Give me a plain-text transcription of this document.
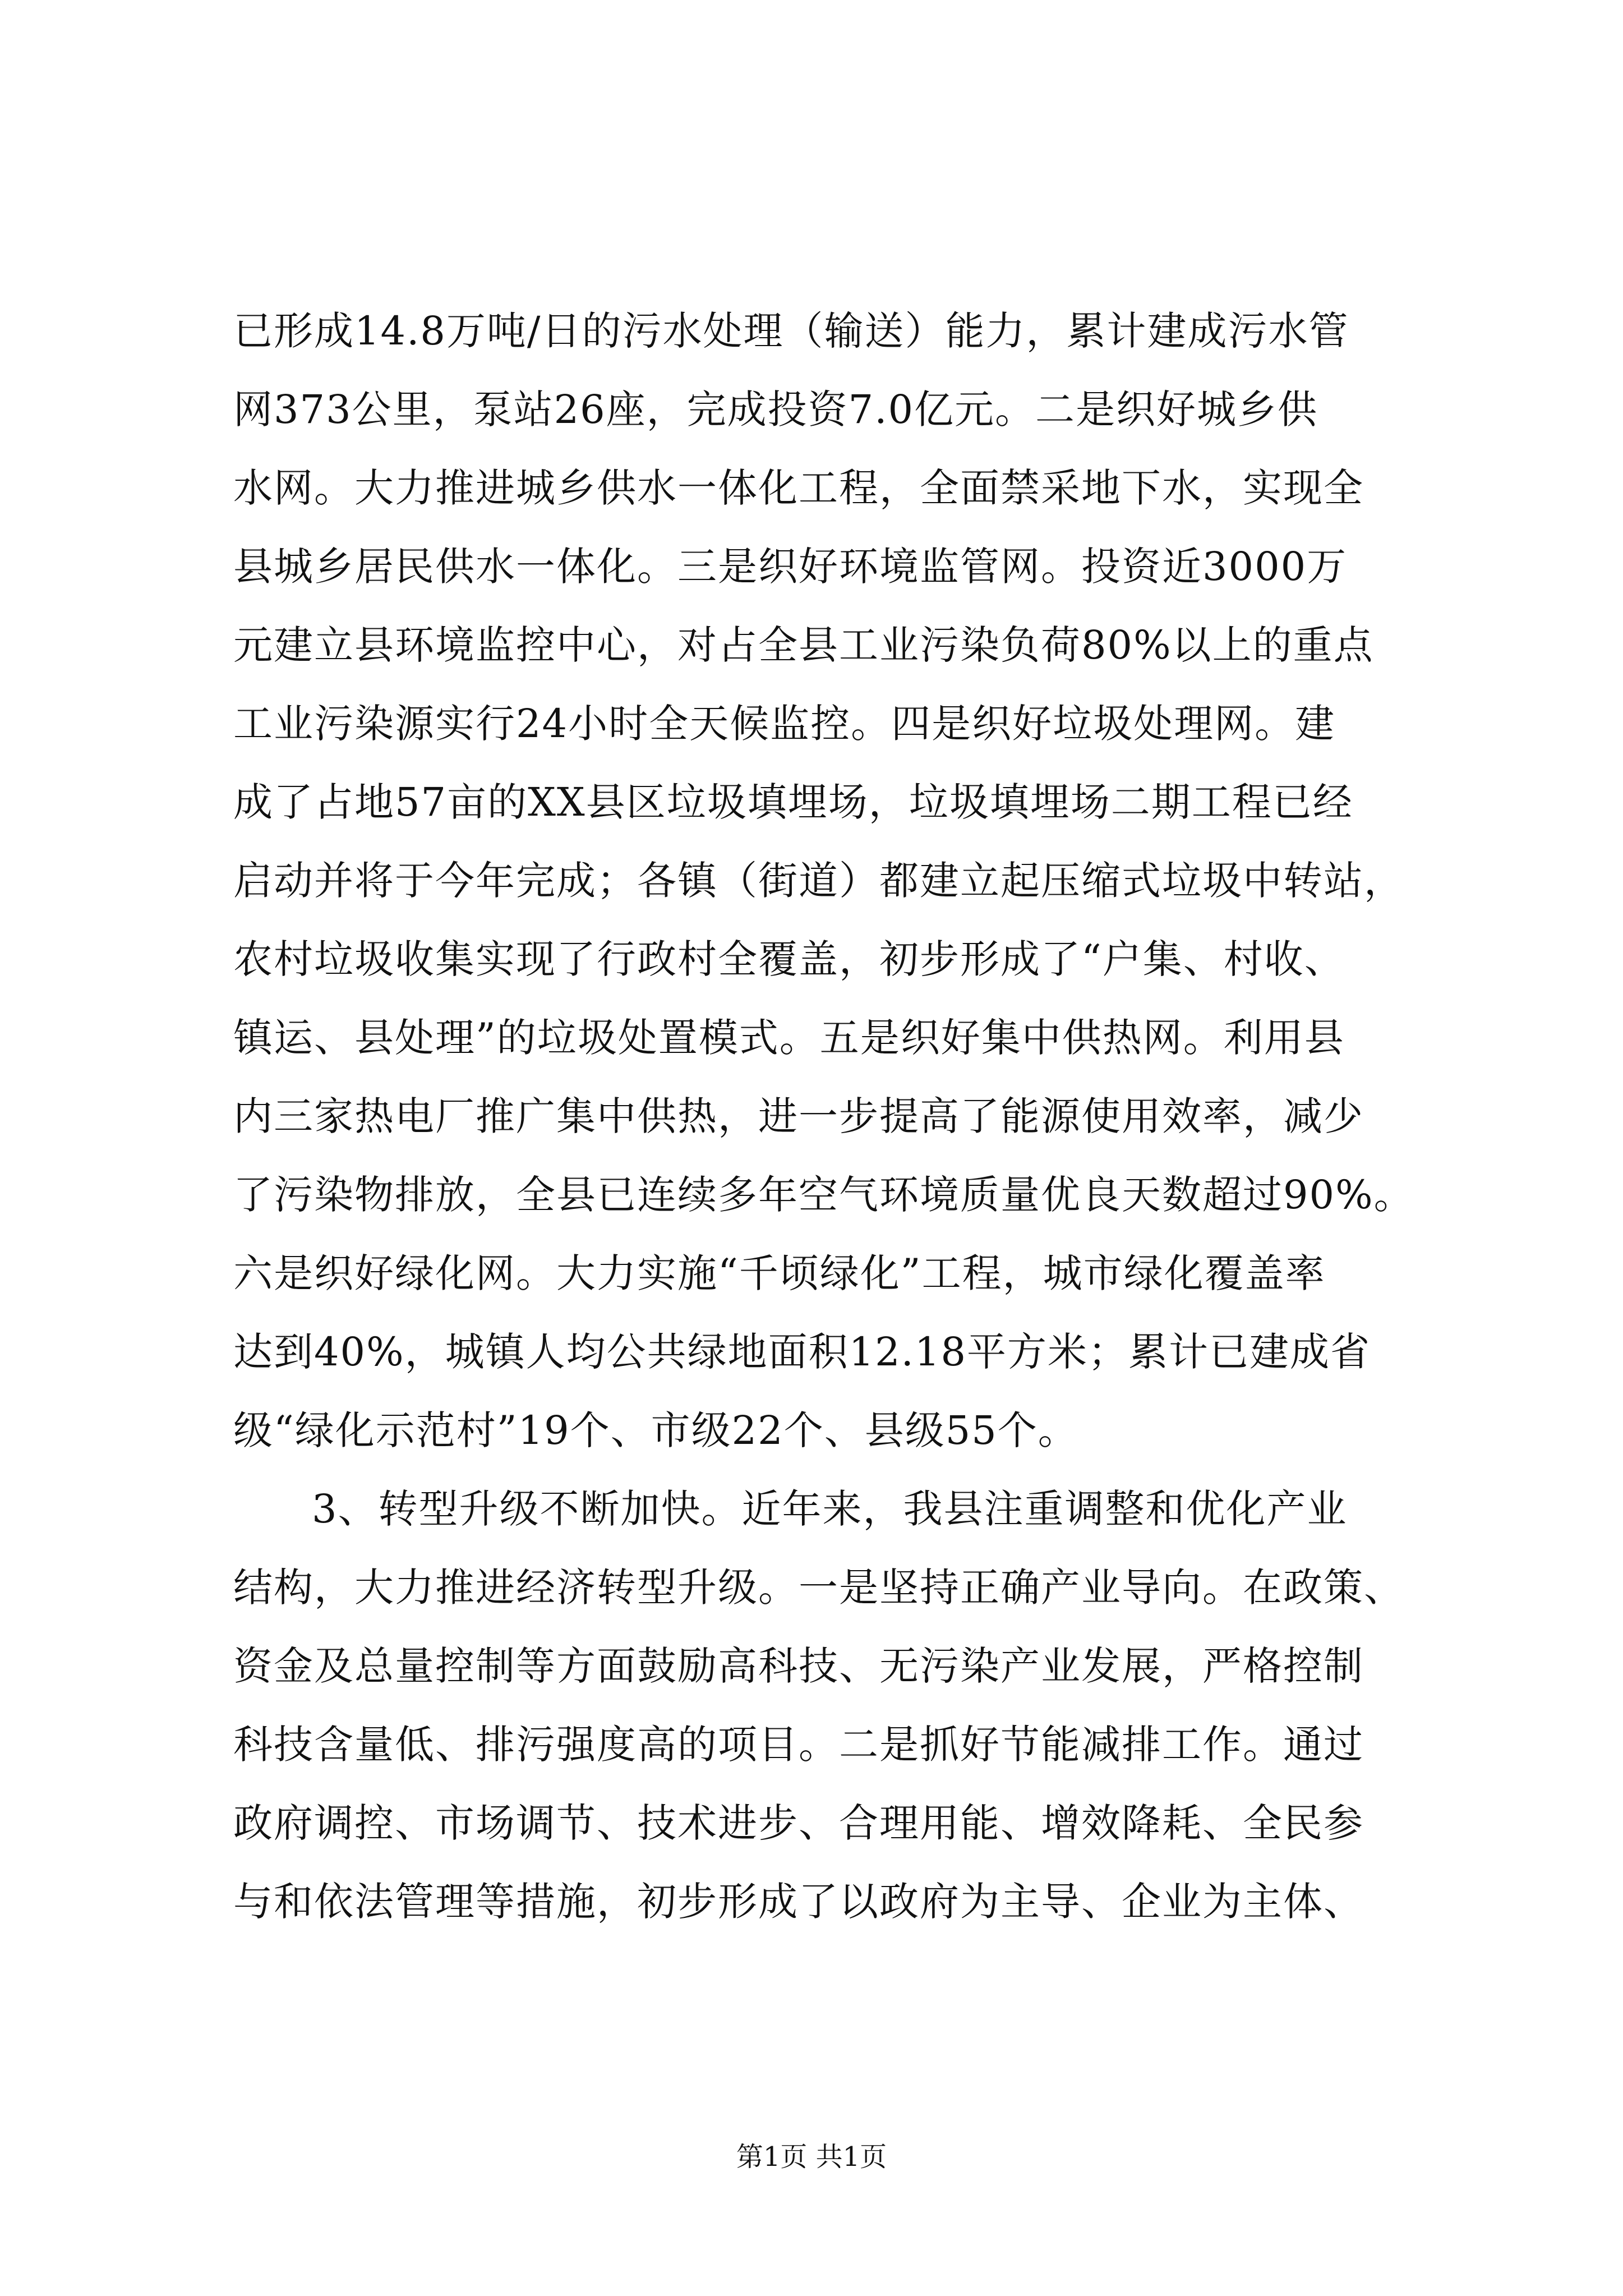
已形成14.8万吨/日的污水处理（输送）能力，累计建成污水管
网373公里，泵站26座，完成投资7.0亿元。二是织好城乡供
水网。大力推进城乡供水一体化工程，全面禁采地下水，实现全
县城乡居民供水一体化。三是织好环境监管网。投资近3000万
元建立县环境监控中心，对占全县工业污染负荷80%以上的重点
工业污染源实行24小时全天候监控。四是织好垃圾处理网。建
成了占地57亩的XX县区垃圾填埋场，垃圾填埋场二期工程已经
启动并将于今年完成；各镇（街道）都建立起压缩式垃圾中转站，
农村垃圾收集实现了行政村全覆盖，初步形成了“户集、村收、
镇运、县处理”的垃圾处置模式。五是织好集中供热网。利用县
内三家热电厂推广集中供热，进一步提高了能源使用效率，减少
了污染物排放，全县已连续多年空气环境质量优良天数超过90%。
六是织好绿化网。大力实施“千顷绿化”工程，城市绿化覆盖率
达到40%，城镇人均公共绿地面积12.18平方米；累计已建成省
级“绿化示范村”19个、市级22个、县级55个。
3、转型升级不断加快。近年来，我县注重调整和优化产业
结构，大力推进经济转型升级。一是坚持正确产业导向。在政策、
资金及总量控制等方面鼓励高科技、无污染产业发展，严格控制
科技含量低、排污强度高的项目。二是抓好节能减排工作。通过
政府调控、市场调节、技术进步、合理用能、增效降耗、全民参
与和依法管理等措施，初步形成了以政府为主导、企业为主体、
第1页 共1页
